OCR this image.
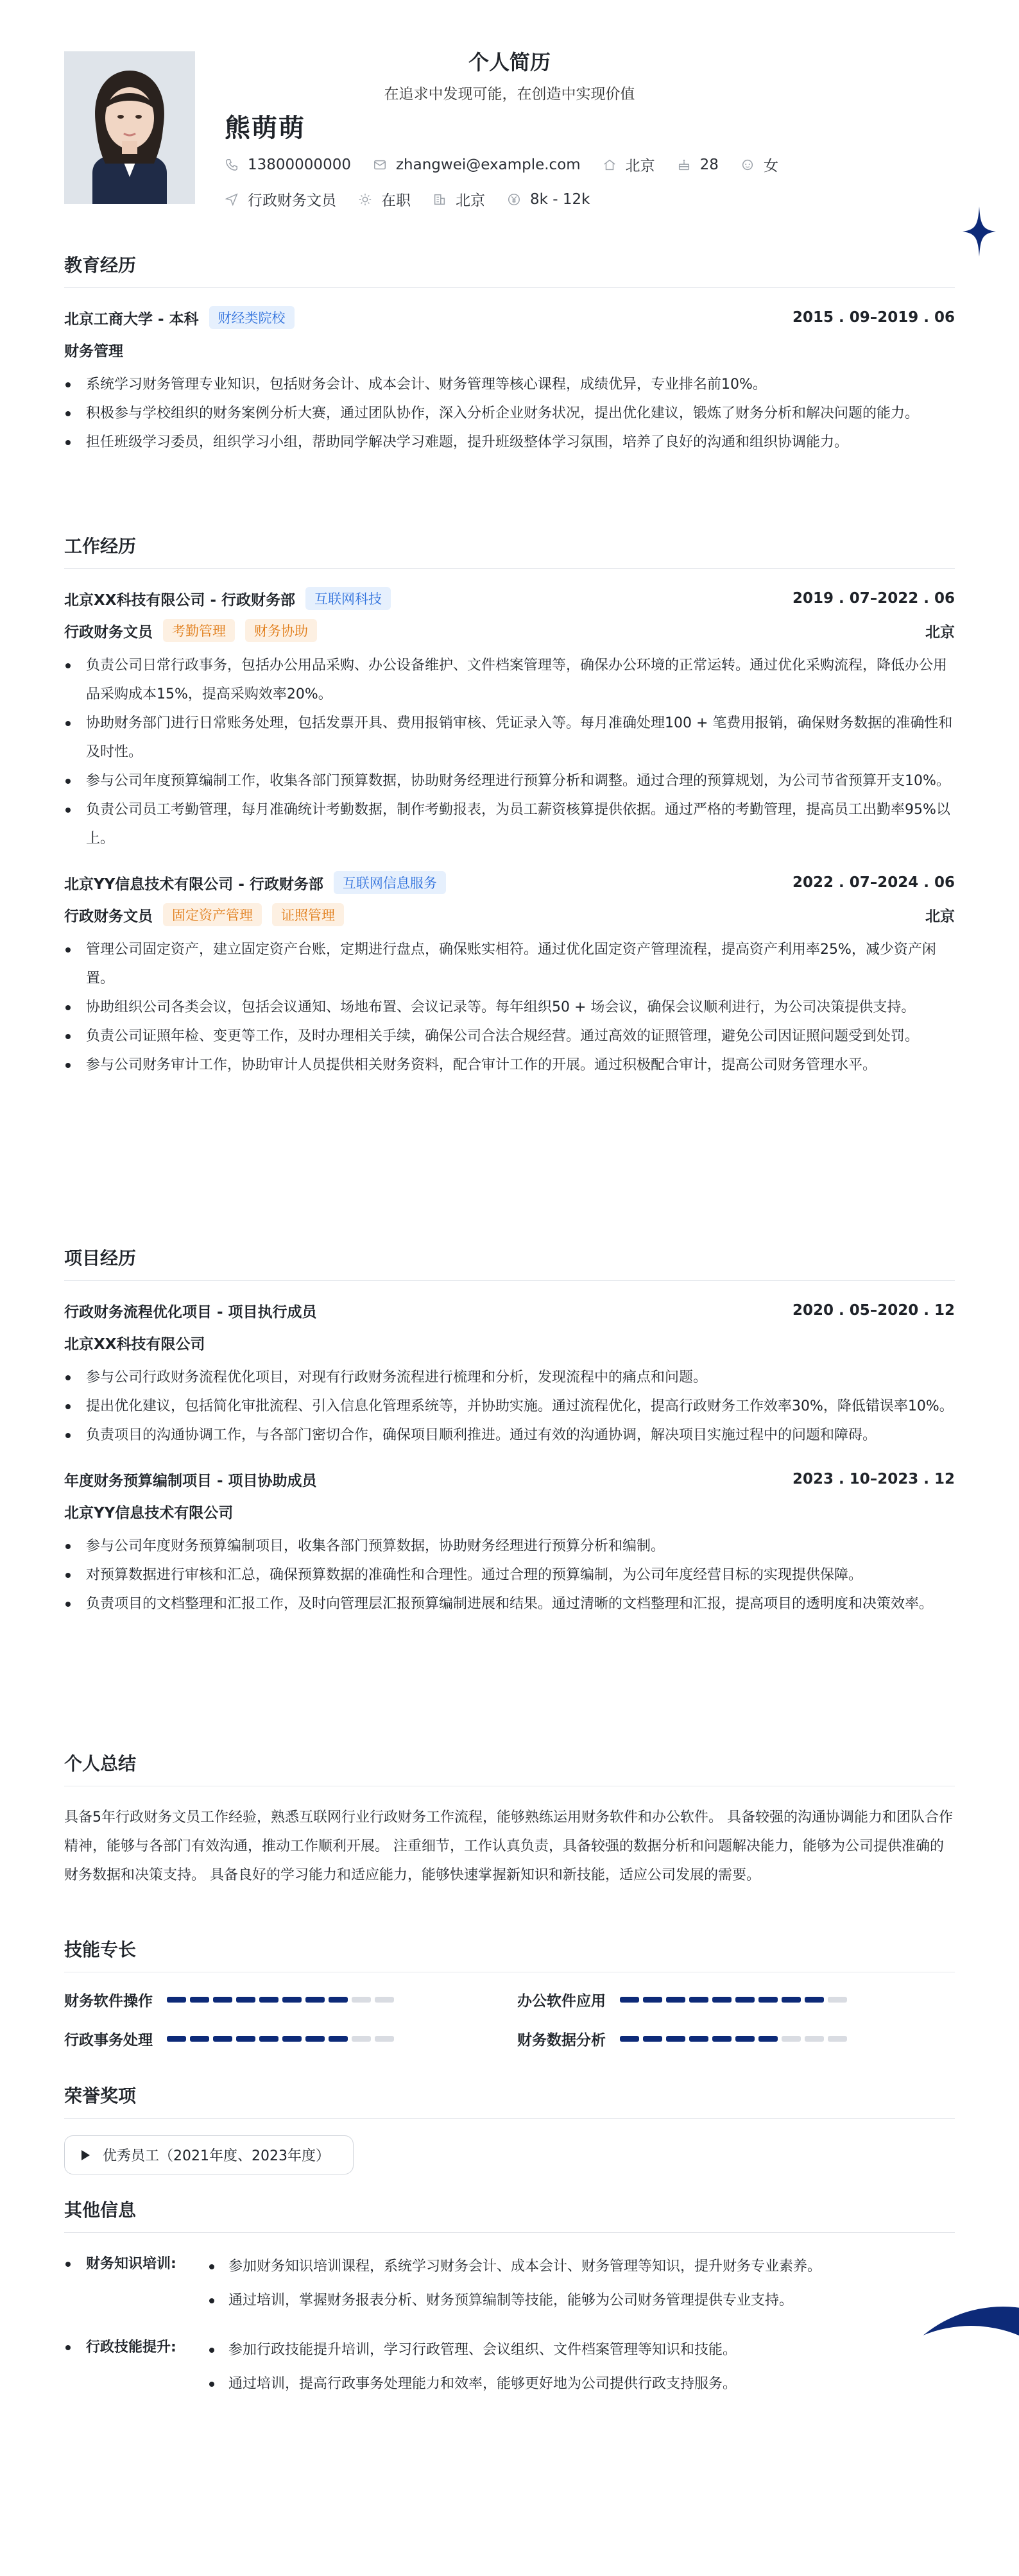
个人简历
在追求中发现可能，在创造中实现价值
熊萌萌
13800000000	zhangwei@example.com	北京	28	女
行政财务文员	在职	北京	8k - 12k
教育经历
北京工商大学 - 本科	财经类院校	2015 . 09–2019 . 06
财务管理
系统学习财务管理专业知识，包括财务会计、成本会计、财务管理等核心课程，成绩优异，专业排名前10%。
积极参与学校组织的财务案例分析大赛，通过团队协作，深入分析企业财务状况，提出优化建议，锻炼了财务分析和解决问题的能力。
担任班级学习委员，组织学习小组，帮助同学解决学习难题，提升班级整体学习氛围，培养了良好的沟通和组织协调能力。
工作经历
北京XX科技有限公司 - 行政财务部	互联网科技	2019 . 07–2022 . 06
行政财务文员	考勤管理	财务协助	北京
负责公司日常行政事务，包括办公用品采购、办公设备维护、文件档案管理等，确保办公环境的正常运转。通过优化采购流程，降低办公用品采购成本15%，提高采购效率20%。
协助财务部门进行日常账务处理，包括发票开具、费用报销审核、凭证录入等。每月准确处理100 + 笔费用报销，确保财务数据的准确性和及时性。
参与公司年度预算编制工作，收集各部门预算数据，协助财务经理进行预算分析和调整。通过合理的预算规划，为公司节省预算开支10%。
负责公司员工考勤管理，每月准确统计考勤数据，制作考勤报表，为员工薪资核算提供依据。通过严格的考勤管理，提高员工出勤率95%以上。
北京YY信息技术有限公司 - 行政财务部	互联网信息服务	2022 . 07–2024 . 06
行政财务文员	固定资产管理	证照管理	北京
管理公司固定资产，建立固定资产台账，定期进行盘点，确保账实相符。通过优化固定资产管理流程，提高资产利用率25%，减少资产闲置。
协助组织公司各类会议，包括会议通知、场地布置、会议记录等。每年组织50 + 场会议，确保会议顺利进行，为公司决策提供支持。
负责公司证照年检、变更等工作，及时办理相关手续，确保公司合法合规经营。通过高效的证照管理，避免公司因证照问题受到处罚。
参与公司财务审计工作，协助审计人员提供相关财务资料，配合审计工作的开展。通过积极配合审计，提高公司财务管理水平。
项目经历
行政财务流程优化项目 - 项目执行成员	2020 . 05–2020 . 12
北京XX科技有限公司
参与公司行政财务流程优化项目，对现有行政财务流程进行梳理和分析，发现流程中的痛点和问题。
提出优化建议，包括简化审批流程、引入信息化管理系统等，并协助实施。通过流程优化，提高行政财务工作效率30%，降低错误率10%。
负责项目的沟通协调工作，与各部门密切合作，确保项目顺利推进。通过有效的沟通协调，解决项目实施过程中的问题和障碍。
年度财务预算编制项目 - 项目协助成员	2023 . 10–2023 . 12
北京YY信息技术有限公司
参与公司年度财务预算编制项目，收集各部门预算数据，协助财务经理进行预算分析和编制。
对预算数据进行审核和汇总，确保预算数据的准确性和合理性。通过合理的预算编制，为公司年度经营目标的实现提供保障。
负责项目的文档整理和汇报工作，及时向管理层汇报预算编制进展和结果。通过清晰的文档整理和汇报，提高项目的透明度和决策效率。
个人总结
具备5年行政财务文员工作经验，熟悉互联网行业行政财务工作流程，能够熟练运用财务软件和办公软件。 具备较强的沟通协调能力和团队合作精神，能够与各部门有效沟通，推动工作顺利开展。 注重细节，工作认真负责，具备较强的数据分析和问题解决能力，能够为公司提供准确的财务数据和决策支持。 具备良好的学习能力和适应能力，能够快速掌握新知识和新技能，适应公司发展的需要。
技能专长
财务软件操作	办公软件应用
行政事务处理	财务数据分析
荣誉奖项
优秀员工（2021年度、2023年度）
其他信息
财务知识培训:	参加财务知识培训课程，系统学习财务会计、成本会计、财务管理等知识，提升财务专业素养。
通过培训，掌握财务报表分析、财务预算编制等技能，能够为公司财务管理提供专业支持。
行政技能提升:	参加行政技能提升培训，学习行政管理、会议组织、文件档案管理等知识和技能。
通过培训，提高行政事务处理能力和效率，能够更好地为公司提供行政支持服务。
